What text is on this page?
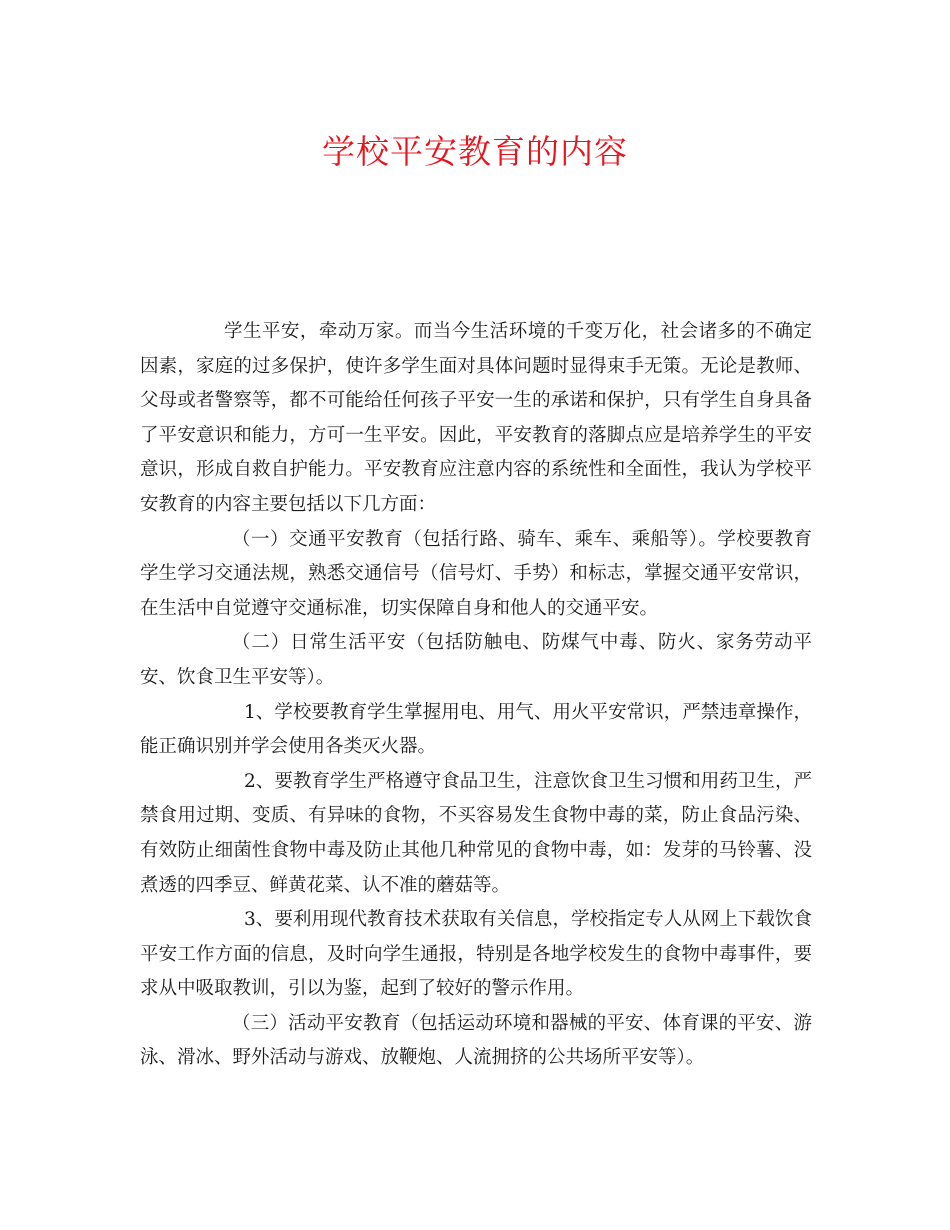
学校平安教育的内容

学生平安，牵动万家。而当今生活环境的千变万化，社会诸多的不确定因素，家庭的过多保护，使许多学生面对具体问题时显得束手无策。无论是教师、父母或者警察等，都不可能给任何孩子平安一生的承诺和保护，只有学生自身具备了平安意识和能力，方可一生平安。因此，平安教育的落脚点应是培养学生的平安意识，形成自救自护能力。平安教育应注意内容的系统性和全面性，我认为学校平安教育的内容主要包括以下几方面：

（一）交通平安教育（包括行路、骑车、乘车、乘船等）。学校要教育学生学习交通法规，熟悉交通信号（信号灯、手势）和标志，掌握交通平安常识，在生活中自觉遵守交通标准，切实保障自身和他人的交通平安。

（二）日常生活平安（包括防触电、防煤气中毒、防火、家务劳动平安、饮食卫生平安等）。

1、学校要教育学生掌握用电、用气、用火平安常识，严禁违章操作，能正确识别并学会使用各类灭火器。

2、要教育学生严格遵守食品卫生，注意饮食卫生习惯和用药卫生，严禁食用过期、变质、有异味的食物，不买容易发生食物中毒的菜，防止食品污染、有效防止细菌性食物中毒及防止其他几种常见的食物中毒，如：发芽的马铃薯、没煮透的四季豆、鲜黄花菜、认不准的蘑菇等。

3、要利用现代教育技术获取有关信息，学校指定专人从网上下载饮食平安工作方面的信息，及时向学生通报，特别是各地学校发生的食物中毒事件，要求从中吸取教训，引以为鉴，起到了较好的警示作用。

（三）活动平安教育（包括运动环境和器械的平安、体育课的平安、游泳、滑冰、野外活动与游戏、放鞭炮、人流拥挤的公共场所平安等）。
